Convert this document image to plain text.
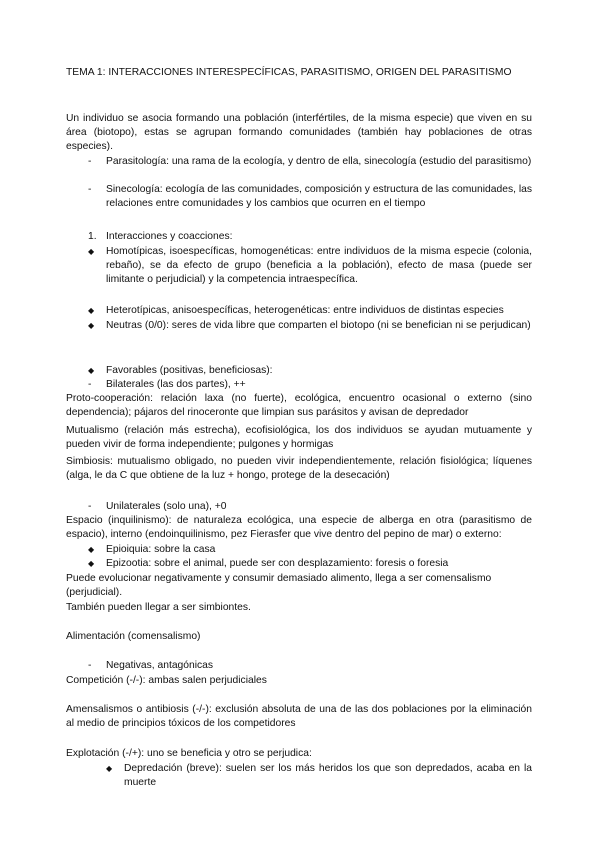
TEMA 1: INTERACCIONES INTERESPECÍFICAS, PARASITISMO, ORIGEN DEL PARASITISMO

Un individuo se asocia formando una población (interfértiles, de la misma especie) que viven en su área (biotopo), estas se agrupan formando comunidades (también hay poblaciones de otras especies).

-	Parasitología: una rama de la ecología, y dentro de ella, sinecología (estudio del parasitismo)

-	Sinecología: ecología de las comunidades, composición y estructura de las comunidades, las relaciones entre comunidades y los cambios que ocurren en el tiempo

1. Interacciones y coacciones:

◆	Homotípicas, isoespecíficas, homogenéticas: entre individuos de la misma especie (colonia, rebaño), se da efecto de grupo (beneficia a la población), efecto de masa (puede ser limitante o perjudicial) y la competencia intraespecífica.

◆	Heterotípicas, anisoespecíficas, heterogenéticas: entre individuos de distintas especies

◆	Neutras (0/0): seres de vida libre que comparten el biotopo (ni se benefician ni se perjudican)

◆	Favorables (positivas, beneficiosas):

-	Bilaterales (las dos partes), ++

Proto-cooperación: relación laxa (no fuerte), ecológica, encuentro ocasional o externo (sino dependencia); pájaros del rinoceronte que limpian sus parásitos y avisan de depredador

Mutualismo (relación más estrecha), ecofisiológica, los dos individuos se ayudan mutuamente y pueden vivir de forma independiente; pulgones y hormigas

Simbiosis: mutualismo obligado, no pueden vivir independientemente, relación fisiológica; líquenes (alga, le da C que obtiene de la luz + hongo, protege de la desecación)

-	Unilaterales (solo una), +0

Espacio (inquilinismo): de naturaleza ecológica, una especie de alberga en otra (parasitismo de espacio), interno (endoinquilinismo, pez Fierasfer que vive dentro del pepino de mar) o externo:

◆	Epioiquia: sobre la casa

◆	Epizootia: sobre el animal, puede ser con desplazamiento: foresis o foresia

Puede evolucionar negativamente y consumir demasiado alimento, llega a ser comensalismo (perjudicial).

También pueden llegar a ser simbiontes.

Alimentación (comensalismo)

-	Negativas, antagónicas

Competición (-/-): ambas salen perjudiciales

Amensalismos o antibiosis (-/-): exclusión absoluta de una de las dos poblaciones por la eliminación al medio de principios tóxicos de los competidores

Explotación (-/+): uno se beneficia y otro se perjudica:

◆	Depredación (breve): suelen ser los más heridos los que son depredados, acaba en la muerte
